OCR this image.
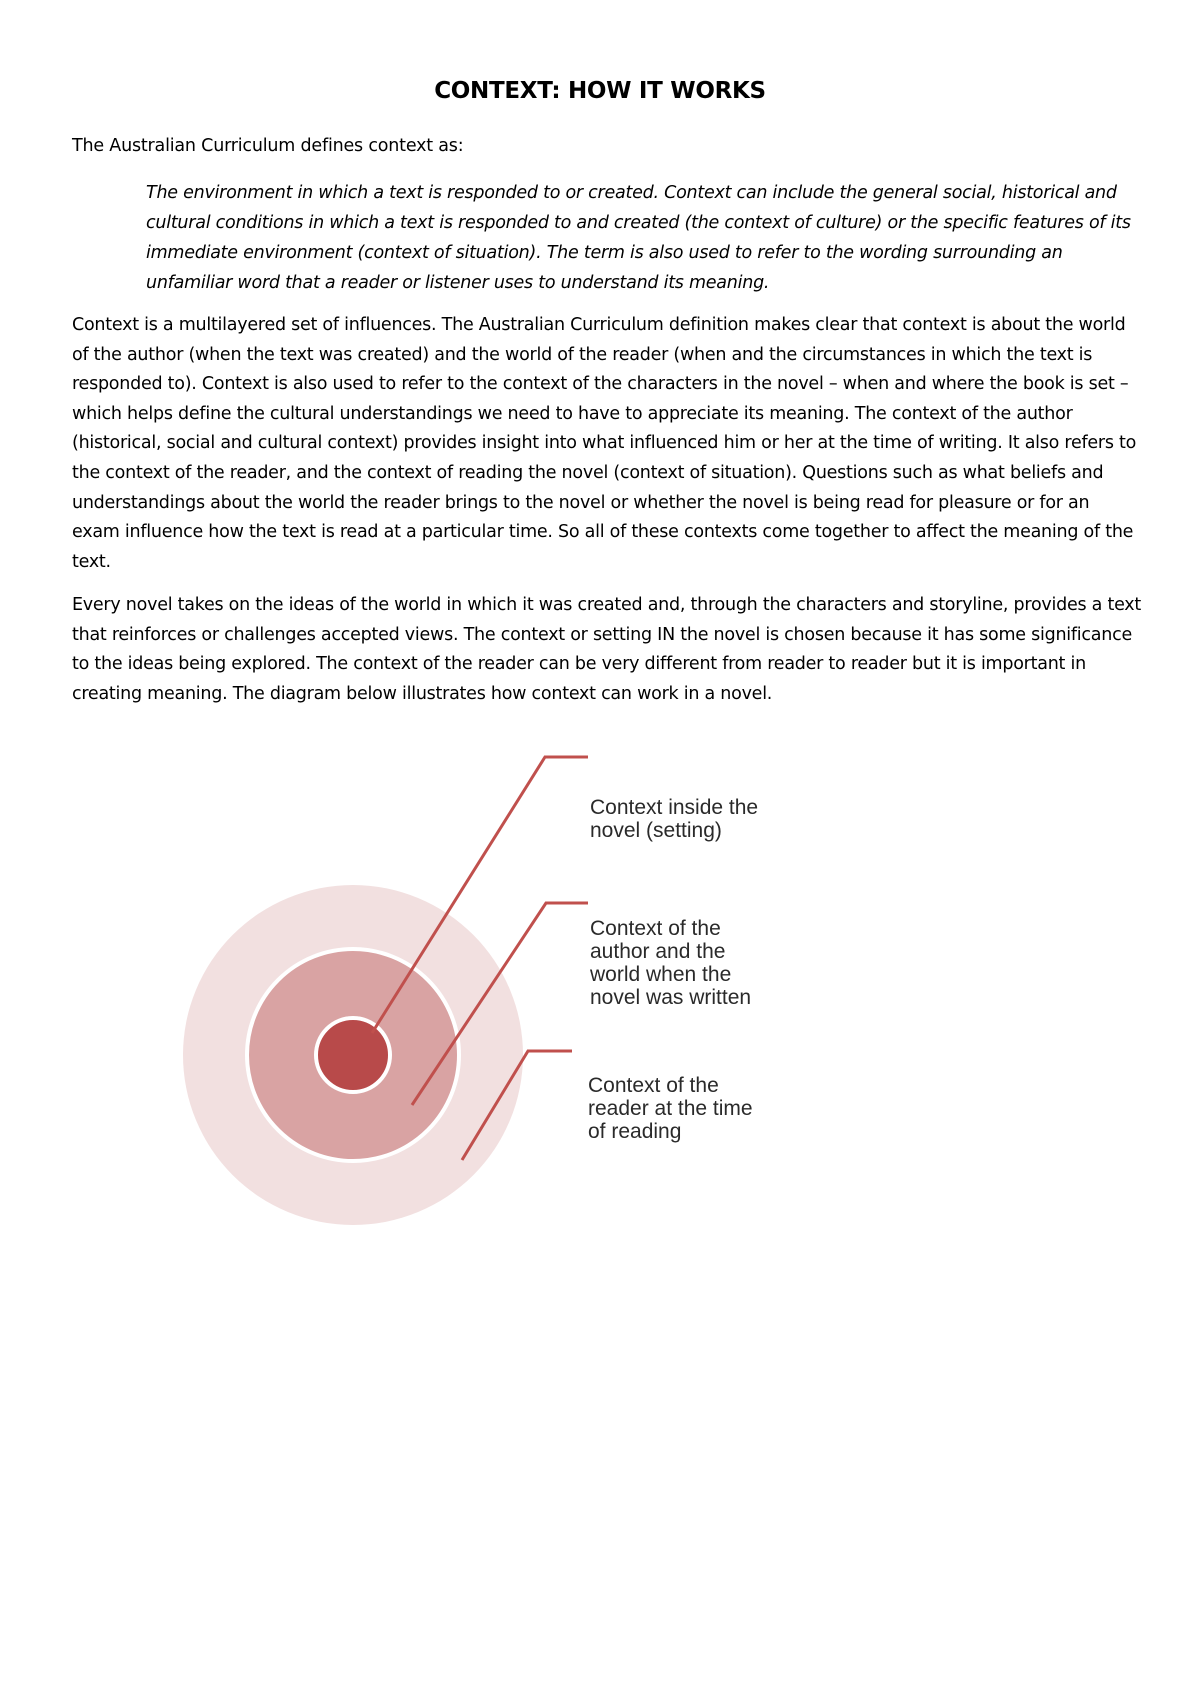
CONTEXT: HOW IT WORKS
The Australian Curriculum defines context as:

The environment in which a text is responded to or created. Context can include the general social, historical and cultural conditions in which a text is responded to and created (the context of culture) or the specific features of its immediate environment (context of situation). The term is also used to refer to the wording surrounding an unfamiliar word that a reader or listener uses to understand its meaning.

Context is a multilayered set of influences. The Australian Curriculum definition makes clear that context is about the world of the author (when the text was created) and the world of the reader (when and the circumstances in which the text is responded to). Context is also used to refer to the context of the characters in the novel – when and where the book is set – which helps define the cultural understandings we need to have to appreciate its meaning. The context of the author (historical, social and cultural context) provides insight into what influenced him or her at the time of writing. It also refers to the context of the reader, and the context of reading the novel (context of situation). Questions such as what beliefs and understandings about the world the reader brings to the novel or whether the novel is being read for pleasure or for an exam influence how the text is read at a particular time. So all of these contexts come together to affect the meaning of the text.

Every novel takes on the ideas of the world in which it was created and, through the characters and storyline, provides a text that reinforces or challenges accepted views. The context or setting IN the novel is chosen because it has some significance to the ideas being explored. The context of the reader can be very different from reader to reader but it is important in creating meaning. The diagram below illustrates how context can work in a novel.

Context inside the
novel (setting)

Context of the
author and the
world when the
novel was written

Context of the
reader at the time
of reading
